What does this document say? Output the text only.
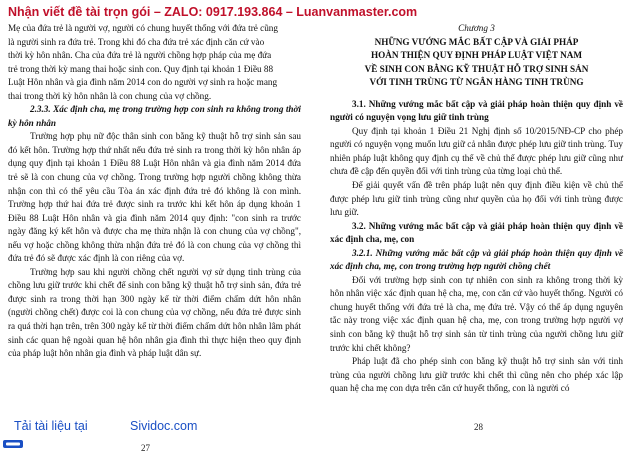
Nhận viết đề tài trọn gói – ZALO: 0917.193.864 – Luanvanmaster.com

Mẹ của đứa trẻ là người vợ, người có chung huyết thống với đứa trẻ cũng

là người sinh ra đứa trẻ. Trong khi đó cha đứa trẻ xác định căn cứ vào

thời kỳ hôn nhân. Cha của đứa trẻ là người chồng hợp pháp của mẹ đứa

trẻ trong thời kỳ mang thai hoặc sinh con. Quy định tại khoản 1 Điều 88

Luật Hôn nhân và gia đình năm 2014 con do người vợ sinh ra hoặc mang

thai trong thời kỳ hôn nhân là con chung của vợ chồng.

2.3.3. Xác định cha, mẹ trong trường hợp con sinh ra không trong thời kỳ hôn nhân

Trường hợp phụ nữ độc thân sinh con bằng kỹ thuật hỗ trợ sinh sản sau đó kết hôn. Trường hợp thứ nhất nếu đứa trẻ sinh ra trong thời kỳ hôn nhân áp dụng quy định tại khoản 1 Điều 88 Luật Hôn nhân và gia đình năm 2014 đứa trẻ sẽ là con chung của vợ chồng. Trong trường hợp người chồng không thừa nhận con thì có thể yêu cầu Tòa án xác định đứa trẻ đó không là con mình. Trường hợp thứ hai đứa trẻ được sinh ra trước khi kết hôn áp dụng khoản 1 Điều 88 Luật Hôn nhân và gia đình năm 2014 quy định: "con sinh ra trước ngày đăng ký kết hôn và được cha mẹ thừa nhận là con chung của vợ chồng", nếu vợ hoặc chồng không thừa nhận đứa trẻ đó là con chung của vợ chồng thì đứa trẻ đó sẽ được xác định là con riêng của vợ.

Trường hợp sau khi người chồng chết người vợ sử dụng tinh trùng của chồng lưu giữ trước khi chết để sinh con bằng kỹ thuật hỗ trợ sinh sản, đứa trẻ được sinh ra trong thời hạn 300 ngày kể từ thời điểm chấm dứt hôn nhân (người chồng chết) được coi là con chung của vợ chồng, nếu đứa trẻ được sinh ra quá thời hạn trên, trên 300 ngày kể từ thời điểm chấm dứt hôn nhân lâm phát sinh các quan hệ ngoài quan hệ hôn nhân gia đình thì thực hiện theo quy định của pháp luật hôn nhân gia đình và pháp luật dân sự.

Chương 3

NHỮNG VƯỚNG MẮC BẤT CẬP VÀ GIẢI PHÁP

HOÀN THIỆN QUY ĐỊNH PHÁP LUẬT VIỆT NAM

VỀ SINH CON BẰNG KỸ THUẬT HỖ TRỢ SINH SẢN

VỚI TINH TRÙNG TỪ NGÂN HÀNG TINH TRÙNG

3.1. Những vướng mắc bất cập và giải pháp hoàn thiện quy định về người có nguyện vọng lưu giữ tinh trùng

Quy định tại khoản 1 Điều 21 Nghị định số 10/2015/NĐ-CP cho phép người có nguyện vọng muốn lưu giữ cả nhân được phép lưu giữ tinh trùng. Tuy nhiên pháp luật không quy định cụ thể về chủ thể được phép lưu giữ cũng như chưa đề cập đến quyền đối với tinh trùng của từng loại chủ thể.

Để giải quyết vấn đề trên pháp luật nên quy định điều kiện về chủ thể được phép lưu giữ tinh trùng cũng như quyền của họ đối với tinh trùng được lưu giữ.

3.2. Những vướng mắc bất cập và giải pháp hoàn thiện quy định về xác định cha, mẹ, con

3.2.1. Những vướng mắc bất cập và giải pháp hoàn thiện quy định về xác định cha, mẹ, con trong trường hợp người chồng chết

Đối với trường hợp sinh con tự nhiên con sinh ra không trong thời kỳ hôn nhân việc xác định quan hệ cha, mẹ, con căn cứ vào huyết thống. Người có chung huyết thống với đứa trẻ là cha, mẹ đứa trẻ. Vậy có thể áp dụng nguyên tắc này trong việc xác định quan hệ cha, mẹ, con trong trường hợp người vợ sinh con bằng kỹ thuật hỗ trợ sinh sản từ tinh trùng của người chồng lưu giữ trước khi chết không?

Pháp luật đã cho phép sinh con bằng kỹ thuật hỗ trợ sinh sản với tinh trùng của người chồng lưu giữ trước khi chết thì cũng nên cho phép xác lập quan hệ cha mẹ con dựa trên căn cứ huyết thống, con là người có

Tải tài liệu tại	Sividoc.com
27
28
